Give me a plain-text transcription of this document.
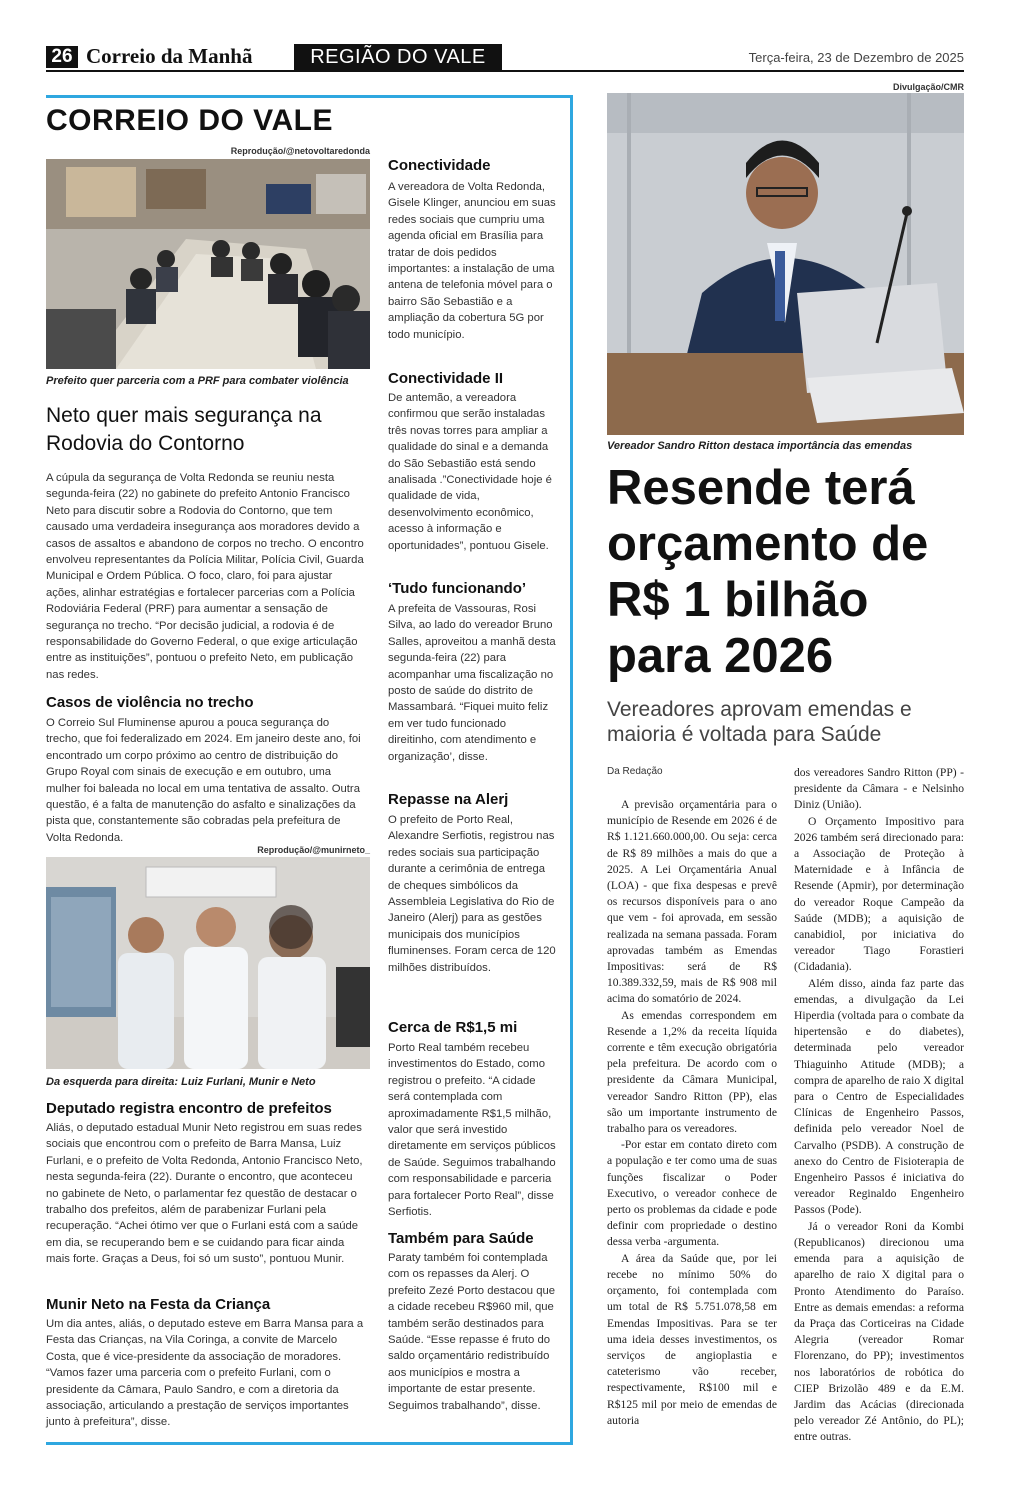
26 Correio da Manhã	REGIÃO DO VALE	Terça-feira, 23 de Dezembro de 2025
CORREIO DO VALE
Reprodução/@netovoltaredonda
Prefeito quer parceria com a PRF para combater violência
Neto quer mais segurança na Rodovia do Contorno

A cúpula da segurança de Volta Redonda se reuniu nesta segunda-feira (22) no gabinete do prefeito Antonio Francisco Neto para discutir sobre a Rodovia do Contorno, que tem causado uma verdadeira insegurança aos moradores devido a casos de assaltos e abandono de corpos no trecho. O encontro envolveu representantes da Polícia Militar, Polícia Civil, Guarda Municipal e Ordem Pública. O foco, claro, foi para ajustar ações, alinhar estratégias e fortalecer parcerias com a Polícia Rodoviária Federal (PRF) para aumentar a sensação de segurança no trecho. “Por decisão judicial, a rodovia é de responsabilidade do Governo Federal, o que exige articulação entre as instituições”, pontuou o prefeito Neto, em publicação nas redes.

Casos de violência no trecho

O Correio Sul Fluminense apurou a pouca segurança do trecho, que foi federalizado em 2024. Em janeiro deste ano, foi encontrado um corpo próximo ao centro de distribuição do Grupo Royal com sinais de execução e em outubro, uma mulher foi baleada no local em uma tentativa de assalto. Outra questão, é a falta de manutenção do asfalto e sinalizações da pista que, constantemente são cobradas pela prefeitura de Volta Redonda.

Reprodução/@munirneto_
Da esquerda para direita: Luiz Furlani, Munir e Neto
Deputado registra encontro de prefeitos

Aliás, o deputado estadual Munir Neto registrou em suas redes sociais que encontrou com o prefeito de Barra Mansa, Luiz Furlani, e o prefeito de Volta Redonda, Antonio Francisco Neto, nesta segunda-feira (22). Durante o encontro, que aconteceu no gabinete de Neto, o parlamentar fez questão de destacar o trabalho dos prefeitos, além de parabenizar Furlani pela recuperação. “Achei ótimo ver que o Furlani está com a saúde em dia, se recuperando bem e se cuidando para ficar ainda mais forte. Graças a Deus, foi só um susto”, pontuou Munir.

Munir Neto na Festa da Criança

Um dia antes, aliás, o deputado esteve em Barra Mansa para a Festa das Crianças, na Vila Coringa, a convite de Marcelo Costa, que é vice-presidente da associação de moradores. “Vamos fazer uma parceria com o prefeito Furlani, com o presidente da Câmara, Paulo Sandro, e com a diretoria da associação, articulando a prestação de serviços importantes junto à prefeitura”, disse.

Conectividade

A vereadora de Volta Redonda, Gisele Klinger, anunciou em suas redes sociais que cumpriu uma agenda oficial em Brasília para tratar de dois pedidos importantes: a instalação de uma antena de telefonia móvel para o bairro São Sebastião e a ampliação da cobertura 5G por todo município.

Conectividade II

De antemão, a vereadora confirmou que serão instaladas três novas torres para ampliar a qualidade do sinal e a demanda do São Sebastião está sendo analisada .”Conectividade hoje é qualidade de vida, desenvolvimento econômico, acesso à informação e oportunidades”, pontuou Gisele.

‘Tudo funcionando’

A prefeita de Vassouras, Rosi Silva, ao lado do vereador Bruno Salles, aproveitou a manhã desta segunda-feira (22) para acompanhar uma fiscalização no posto de saúde do distrito de Massambará. “Fiquei muito feliz em ver tudo funcionado direitinho, com atendimento e organização’, disse.

Repasse na Alerj

O prefeito de Porto Real, Alexandre Serfiotis, registrou nas redes sociais sua participação durante a cerimônia de entrega de cheques simbólicos da Assembleia Legislativa do Rio de Janeiro (Alerj) para as gestões municipais dos municípios fluminenses. Foram cerca de 120 milhões distribuídos.

Cerca de R$1,5 mi

Porto Real também recebeu investimentos do Estado, como registrou o prefeito. “A cidade será contemplada com aproximadamente R$1,5 milhão, valor que será investido diretamente em serviços públicos de Saúde. Seguimos trabalhando com responsabilidade e parceria para fortalecer Porto Real”, disse Serfiotis.

Também para Saúde

Paraty também foi contemplada com os repasses da Alerj. O prefeito Zezé Porto destacou que a cidade recebeu R$960 mil, que também serão destinados para Saúde. “Esse repasse é fruto do saldo orçamentário redistribuído aos municípios e mostra a importante de estar presente. Seguimos trabalhando”, disse.

Divulgação/CMR
Vereador Sandro Ritton destaca importância das emendas
Resende terá orçamento de R$ 1 bilhão para 2026
Vereadores aprovam emendas e maioria é voltada para Saúde
Da Redação

A previsão orçamentária para o município de Resende em 2026 é de R$ 1.121.660.000,00. Ou seja: cerca de R$ 89 milhões a mais do que a 2025. A Lei Orçamentária Anual (LOA) - que fixa despesas e prevê os recursos disponíveis para o ano que vem - foi aprovada, em sessão realizada na semana passada. Foram aprovadas também as Emendas Impositivas: será de R$ 10.389.332,59, mais de R$ 908 mil acima do somatório de 2024.

As emendas correspondem em Resende a 1,2% da receita líquida corrente e têm execução obrigatória pela prefeitura. De acordo com o presidente da Câmara Municipal, vereador Sandro Ritton (PP), elas são um importante instrumento de trabalho para os vereadores.

-Por estar em contato direto com a população e ter como uma de suas funções fiscalizar o Poder Executivo, o vereador conhece de perto os problemas da cidade e pode definir com propriedade o destino dessa verba -argumenta.

A área da Saúde que, por lei recebe no mínimo 50% do orçamento, foi contemplada com um total de R$ 5.751.078,58 em Emendas Impositivas. Para se ter uma ideia desses investimentos, os serviços de angioplastia e cateterismo vão receber, respectivamente, R$100 mil e R$125 mil por meio de emendas de autoria

dos vereadores Sandro Ritton (PP) - presidente da Câmara - e Nelsinho Diniz (União).

O Orçamento Impositivo para 2026 também será direcionado para: a Associação de Proteção à Maternidade e à Infância de Resende (Apmir), por determinação do vereador Roque Campeão da Saúde (MDB); a aquisição de canabidiol, por iniciativa do vereador Tiago Forastieri (Cidadania).

Além disso, ainda faz parte das emendas, a divulgação da Lei Hiperdia (voltada para o combate da hipertensão e do diabetes), determinada pelo vereador Thiaguinho Atitude (MDB); a compra de aparelho de raio X digital para o Centro de Especialidades Clínicas de Engenheiro Passos, definida pelo vereador Noel de Carvalho (PSDB). A construção de anexo do Centro de Fisioterapia de Engenheiro Passos é iniciativa do vereador Reginaldo Engenheiro Passos (Pode).

Já o vereador Roni da Kombi (Republicanos) direcionou uma emenda para a aquisição de aparelho de raio X digital para o Pronto Atendimento do Paraíso. Entre as demais emendas: a reforma da Praça das Corticeiras na Cidade Alegria (vereador Romar Florenzano, do PP); investimentos nos laboratórios de robótica do CIEP Brizolão 489 e da E.M. Jardim das Acácias (direcionada pelo vereador Zé Antônio, do PL); entre outras.
